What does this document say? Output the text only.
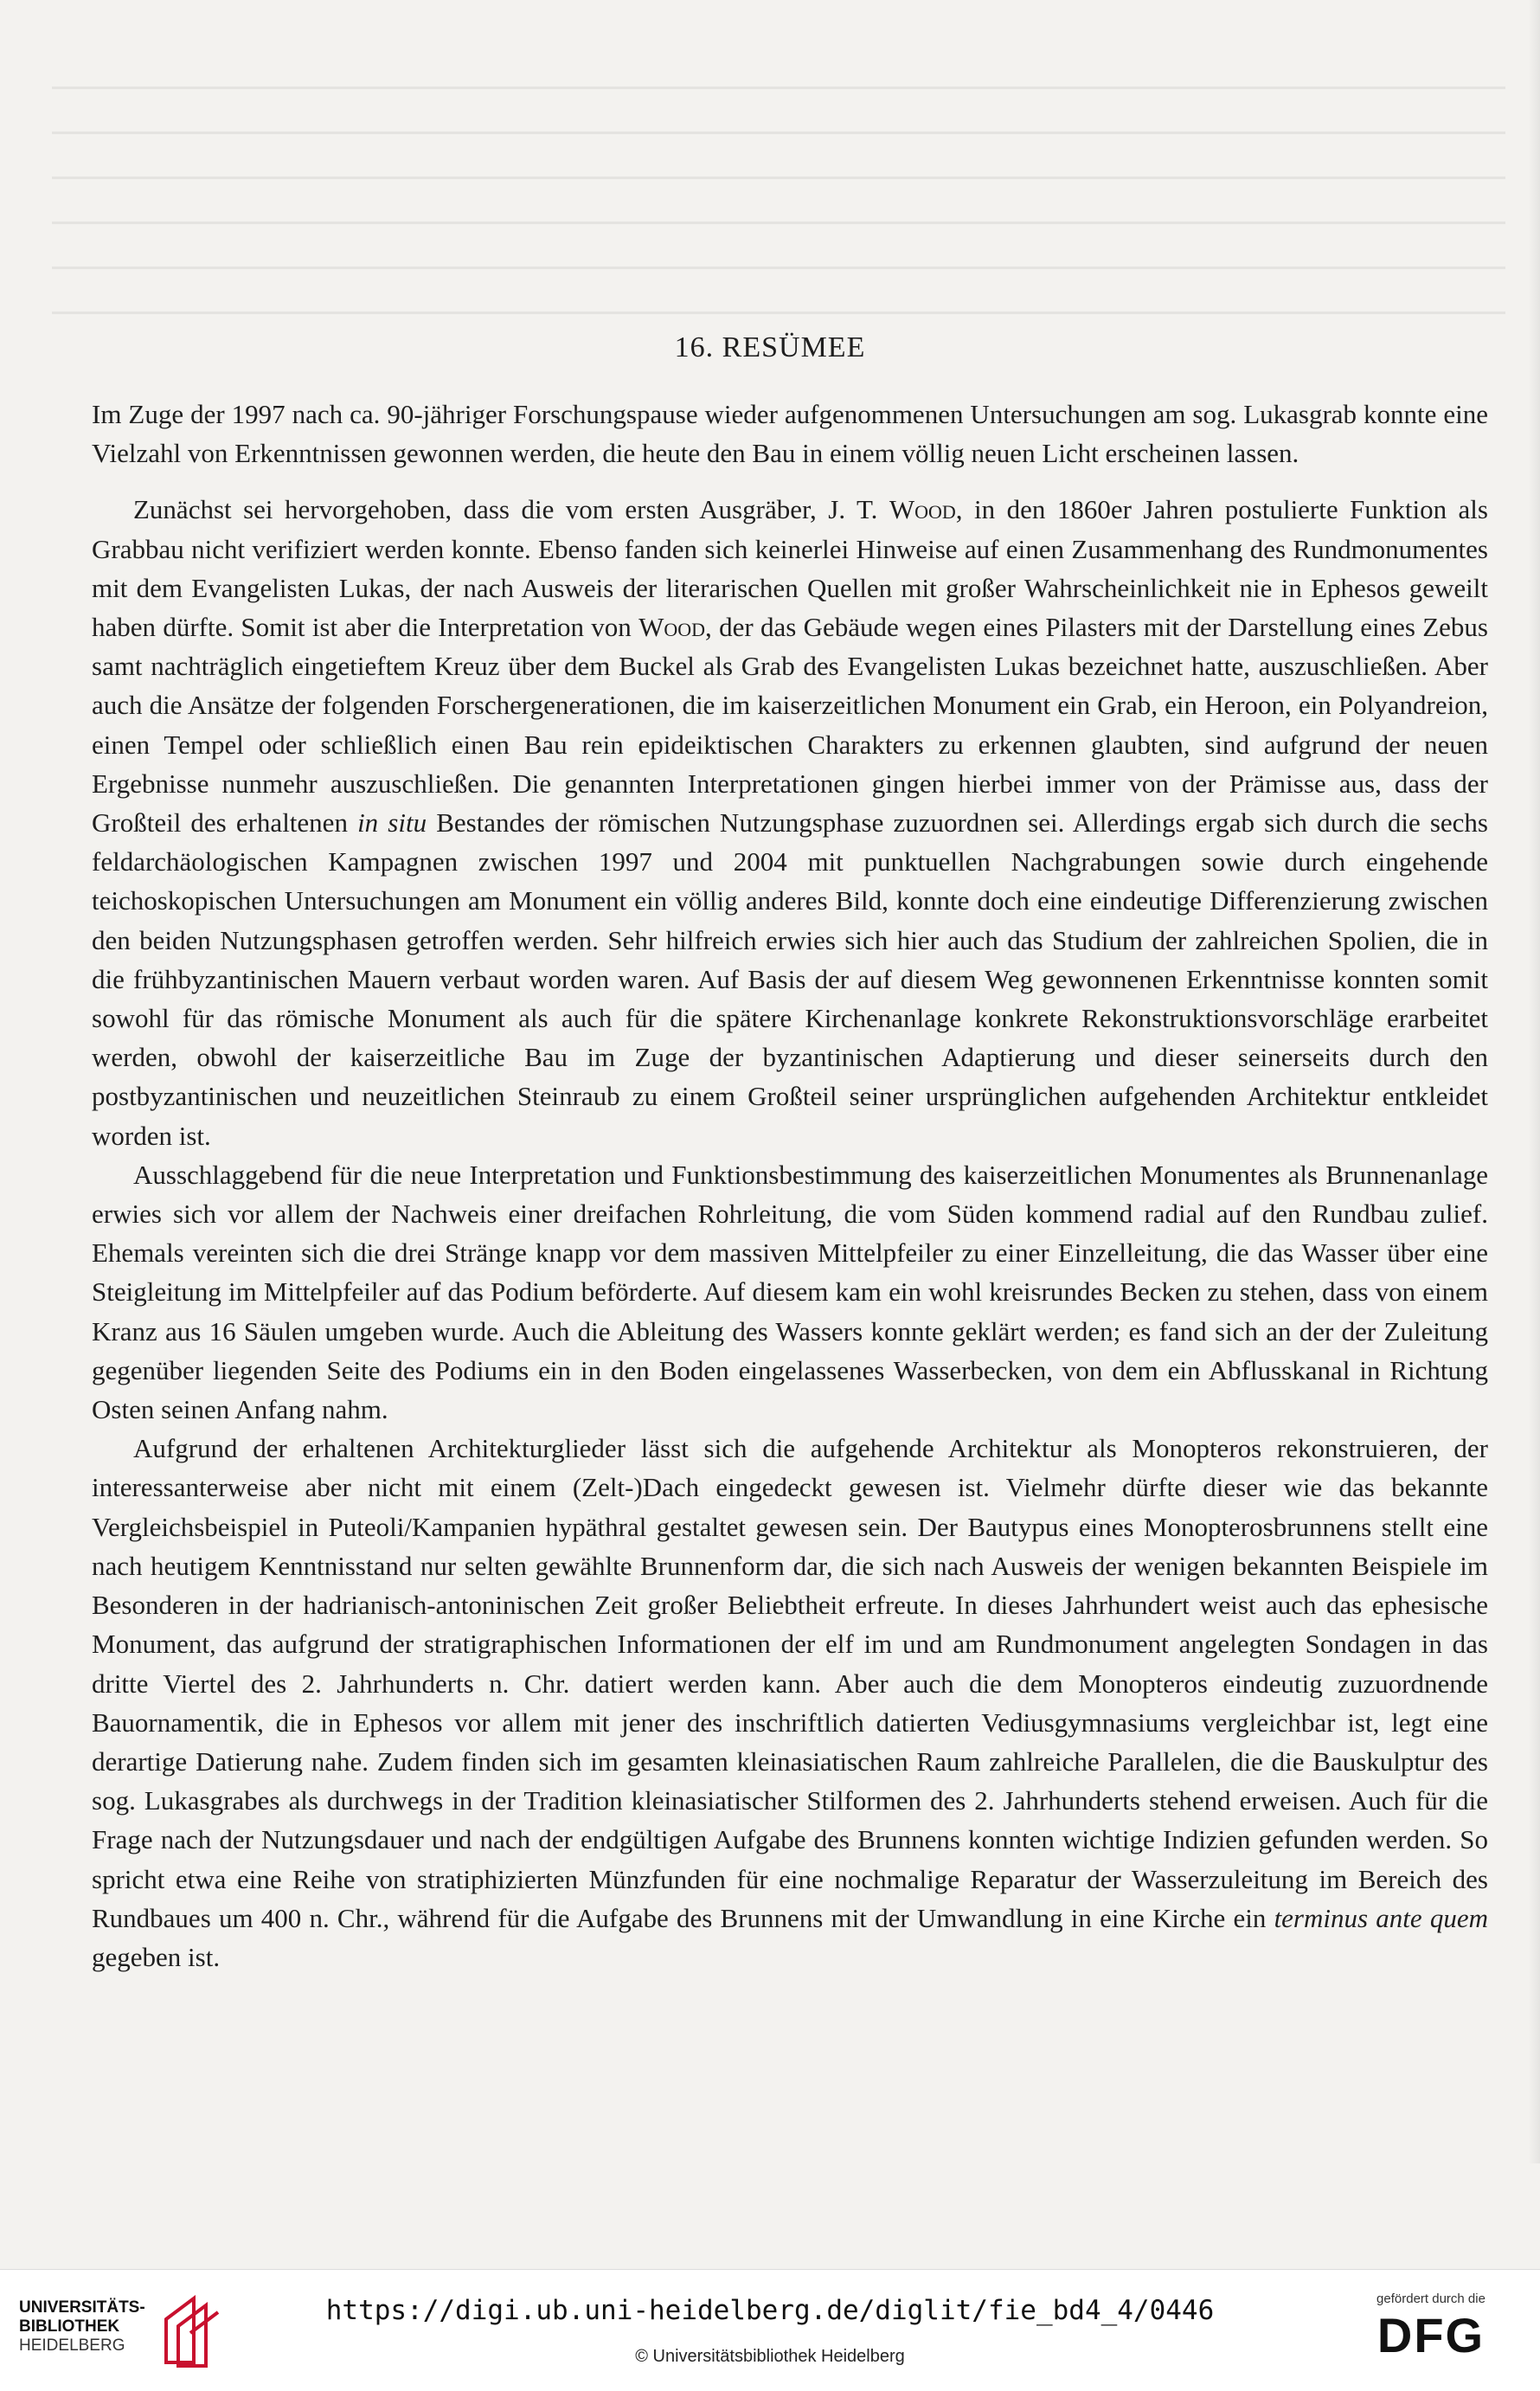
16. RESÜMEE

Im Zuge der 1997 nach ca. 90-jähriger Forschungspause wieder aufgenommenen Untersuchungen am sog. Lukasgrab konnte eine Vielzahl von Erkenntnissen gewonnen werden, die heute den Bau in einem völlig neuen Licht erscheinen lassen.

Zunächst sei hervorgehoben, dass die vom ersten Ausgräber, J. T. Wood, in den 1860er Jahren postulierte Funktion als Grabbau nicht verifiziert werden konnte. Ebenso fanden sich keinerlei Hinweise auf einen Zusammenhang des Rundmonumentes mit dem Evangelisten Lukas, der nach Ausweis der literarischen Quellen mit großer Wahrscheinlichkeit nie in Ephesos geweilt haben dürfte. Somit ist aber die Interpretation von Wood, der das Gebäude wegen eines Pilasters mit der Darstellung eines Zebus samt nachträglich eingetieftem Kreuz über dem Buckel als Grab des Evangelisten Lukas bezeichnet hatte, auszuschließen. Aber auch die Ansätze der folgenden Forschergenerationen, die im kaiserzeitlichen Monument ein Grab, ein Heroon, ein Polyandreion, einen Tempel oder schließlich einen Bau rein epideiktischen Charakters zu erkennen glaubten, sind aufgrund der neuen Ergebnisse nunmehr auszuschließen. Die genannten Interpretationen gingen hierbei immer von der Prämisse aus, dass der Großteil des erhaltenen in situ Bestandes der römischen Nutzungsphase zuzuordnen sei. Allerdings ergab sich durch die sechs feldarchäologischen Kampagnen zwischen 1997 und 2004 mit punktuellen Nachgrabungen sowie durch eingehende teichoskopischen Untersuchungen am Monument ein völlig anderes Bild, konnte doch eine eindeutige Differenzierung zwischen den beiden Nutzungsphasen getroffen werden. Sehr hilfreich erwies sich hier auch das Studium der zahlreichen Spolien, die in die frühbyzantinischen Mauern verbaut worden waren. Auf Basis der auf diesem Weg gewonnenen Erkenntnisse konnten somit sowohl für das römische Monument als auch für die spätere Kirchenanlage konkrete Rekonstruktionsvorschläge erarbeitet werden, obwohl der kaiserzeitliche Bau im Zuge der byzantinischen Adaptierung und dieser seinerseits durch den postbyzantinischen und neuzeitlichen Steinraub zu einem Großteil seiner ursprünglichen aufgehenden Architektur entkleidet worden ist.

Ausschlaggebend für die neue Interpretation und Funktionsbestimmung des kaiserzeitlichen Monumentes als Brunnenanlage erwies sich vor allem der Nachweis einer dreifachen Rohrleitung, die vom Süden kommend radial auf den Rundbau zulief. Ehemals vereinten sich die drei Stränge knapp vor dem massiven Mittelpfeiler zu einer Einzelleitung, die das Wasser über eine Steigleitung im Mittelpfeiler auf das Podium beförderte. Auf diesem kam ein wohl kreisrundes Becken zu stehen, dass von einem Kranz aus 16 Säulen umgeben wurde. Auch die Ableitung des Wassers konnte geklärt werden; es fand sich an der der Zuleitung gegenüber liegenden Seite des Podiums ein in den Boden eingelassenes Wasserbecken, von dem ein Abflusskanal in Richtung Osten seinen Anfang nahm.

Aufgrund der erhaltenen Architekturglieder lässt sich die aufgehende Architektur als Monopteros rekonstruieren, der interessanterweise aber nicht mit einem (Zelt-)Dach eingedeckt gewesen ist. Vielmehr dürfte dieser wie das bekannte Vergleichsbeispiel in Puteoli/Kampanien hypäthral gestaltet gewesen sein. Der Bautypus eines Monopterosbrunnens stellt eine nach heutigem Kenntnisstand nur selten gewählte Brunnenform dar, die sich nach Ausweis der wenigen bekannten Beispiele im Besonderen in der hadrianisch-antoninischen Zeit großer Beliebtheit erfreute. In dieses Jahrhundert weist auch das ephesische Monument, das aufgrund der stratigraphischen Informationen der elf im und am Rundmonument angelegten Sondagen in das dritte Viertel des 2. Jahrhunderts n. Chr. datiert werden kann. Aber auch die dem Monopteros eindeutig zuzuordnende Bauornamentik, die in Ephesos vor allem mit jener des inschriftlich datierten Vediusgymnasiums vergleichbar ist, legt eine derartige Datierung nahe. Zudem finden sich im gesamten kleinasiatischen Raum zahlreiche Parallelen, die die Bauskulptur des sog. Lukasgrabes als durchwegs in der Tradition kleinasiatischer Stilformen des 2. Jahrhunderts stehend erweisen. Auch für die Frage nach der Nutzungsdauer und nach der endgültigen Aufgabe des Brunnens konnten wichtige Indizien gefunden werden. So spricht etwa eine Reihe von stratiphizierten Münzfunden für eine nochmalige Reparatur der Wasserzuleitung im Bereich des Rundbaues um 400 n. Chr., während für die Aufgabe des Brunnens mit der Umwandlung in eine Kirche ein terminus ante quem gegeben ist.

UNIVERSITÄTS-
BIBLIOTHEK
HEIDELBERG
https://digi.ub.uni-heidelberg.de/diglit/fie_bd4_4/0446
© Universitätsbibliothek Heidelberg
gefördert durch die
DFG
